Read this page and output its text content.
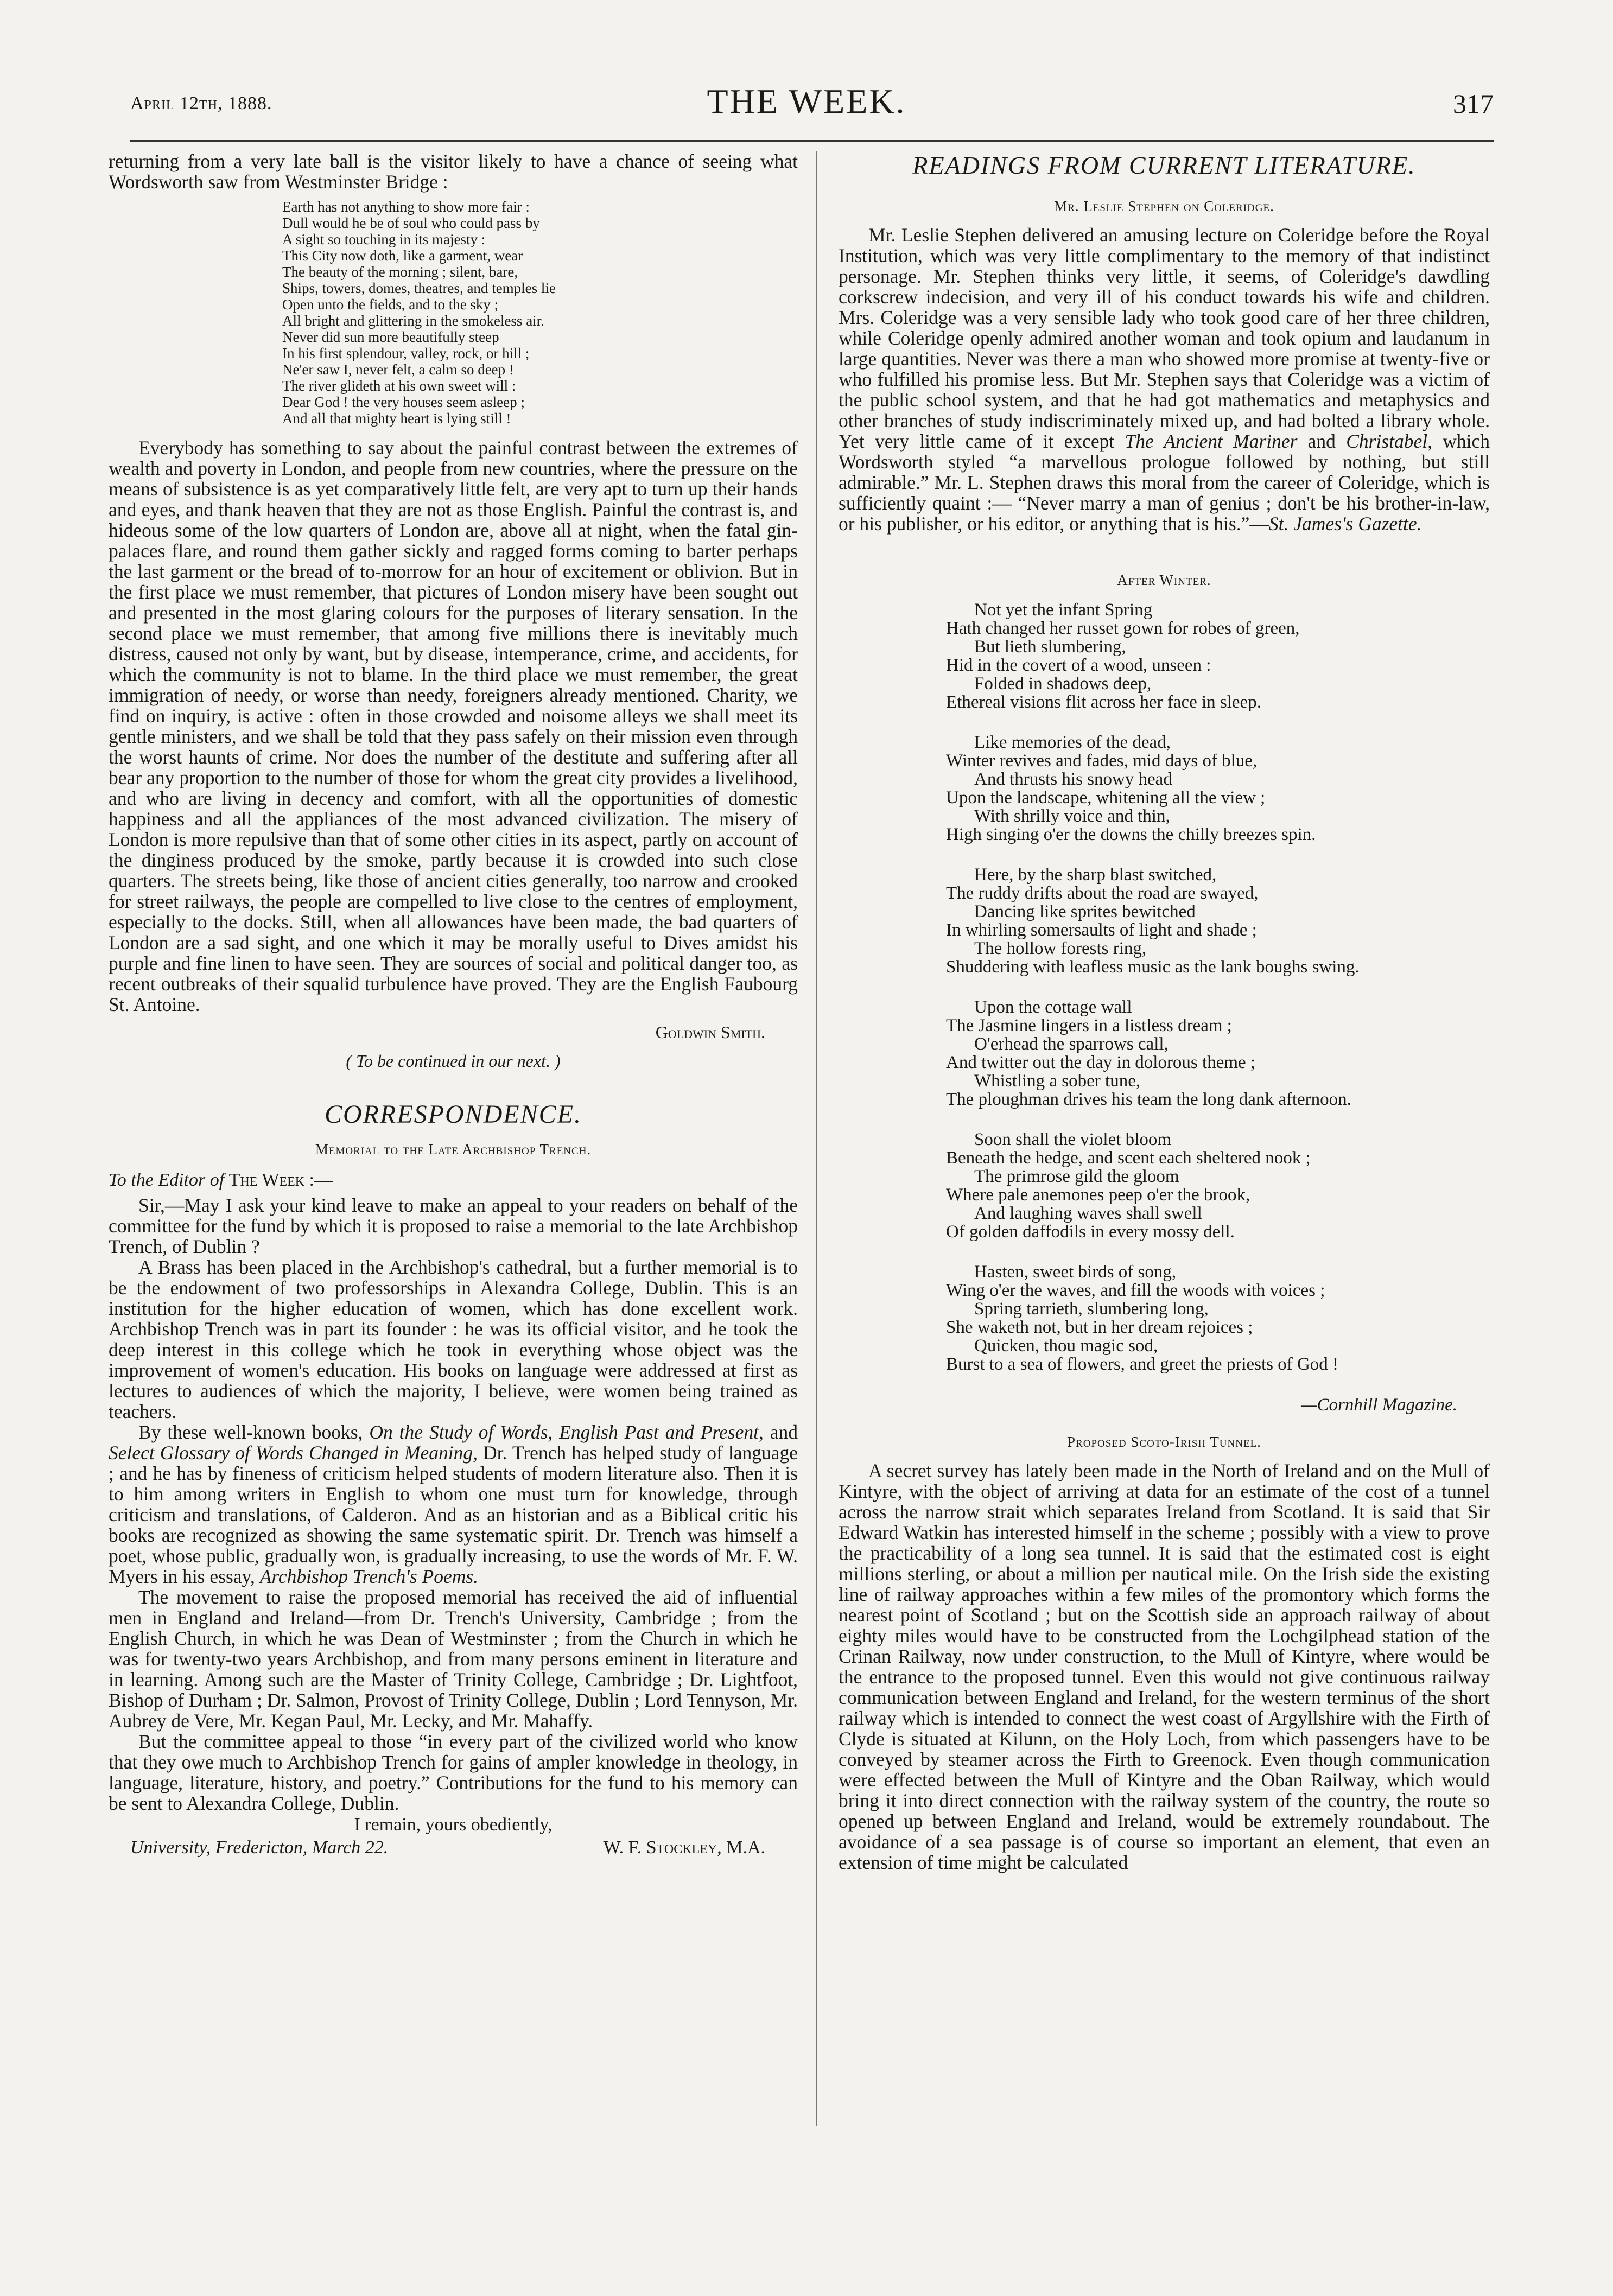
April 12th, 1888.	THE WEEK.	317

returning from a very late ball is the visitor likely to have a chance of seeing what Wordsworth saw from Westminster Bridge :

Earth has not anything to show more fair :
Dull would he be of soul who could pass by
A sight so touching in its majesty :
This City now doth, like a garment, wear
The beauty of the morning ; silent, bare,
Ships, towers, domes, theatres, and temples lie
Open unto the fields, and to the sky ;
All bright and glittering in the smokeless air.
Never did sun more beautifully steep
In his first splendour, valley, rock, or hill ;
Ne'er saw I, never felt, a calm so deep !
The river glideth at his own sweet will :
Dear God ! the very houses seem asleep ;
And all that mighty heart is lying still !

Everybody has something to say about the painful contrast between the extremes of wealth and poverty in London, and people from new countries, where the pressure on the means of subsistence is as yet comparatively little felt, are very apt to turn up their hands and eyes, and thank heaven that they are not as those English. Painful the contrast is, and hideous some of the low quarters of London are, above all at night, when the fatal gin-palaces flare, and round them gather sickly and ragged forms coming to barter perhaps the last garment or the bread of to-morrow for an hour of excitement or oblivion. But in the first place we must remember, that pictures of London misery have been sought out and presented in the most glaring colours for the purposes of literary sensation. In the second place we must remember, that among five millions there is inevitably much distress, caused not only by want, but by disease, intemperance, crime, and accidents, for which the community is not to blame. In the third place we must remember, the great immigration of needy, or worse than needy, foreigners already mentioned. Charity, we find on inquiry, is active : often in those crowded and noisome alleys we shall meet its gentle ministers, and we shall be told that they pass safely on their mission even through the worst haunts of crime. Nor does the number of the destitute and suffering after all bear any proportion to the number of those for whom the great city provides a livelihood, and who are living in decency and comfort, with all the opportunities of domestic happiness and all the appliances of the most advanced civilization. The misery of London is more repulsive than that of some other cities in its aspect, partly on account of the dinginess produced by the smoke, partly because it is crowded into such close quarters. The streets being, like those of ancient cities generally, too narrow and crooked for street railways, the people are compelled to live close to the centres of employment, especially to the docks. Still, when all allowances have been made, the bad quarters of London are a sad sight, and one which it may be morally useful to Dives amidst his purple and fine linen to have seen. They are sources of social and political danger too, as recent outbreaks of their squalid turbulence have proved. They are the English Faubourg St. Antoine.

Goldwin Smith.
( To be continued in our next. )
CORRESPONDENCE.
Memorial to the Late Archbishop Trench.
To the Editor of The Week :—

Sir,—May I ask your kind leave to make an appeal to your readers on behalf of the committee for the fund by which it is proposed to raise a memorial to the late Archbishop Trench, of Dublin ?

A Brass has been placed in the Archbishop's cathedral, but a further memorial is to be the endowment of two professorships in Alexandra College, Dublin. This is an institution for the higher education of women, which has done excellent work. Archbishop Trench was in part its founder : he was its official visitor, and he took the deep interest in this college which he took in everything whose object was the improvement of women's education. His books on language were addressed at first as lectures to audiences of which the majority, I believe, were women being trained as teachers.

By these well-known books, On the Study of Words, English Past and Present, and Select Glossary of Words Changed in Meaning, Dr. Trench has helped study of language ; and he has by fineness of criticism helped students of modern literature also. Then it is to him among writers in English to whom one must turn for knowledge, through criticism and translations, of Calderon. And as an historian and as a Biblical critic his books are recognized as showing the same systematic spirit. Dr. Trench was himself a poet, whose public, gradually won, is gradually increasing, to use the words of Mr. F. W. Myers in his essay, Archbishop Trench's Poems.

The movement to raise the proposed memorial has received the aid of influential men in England and Ireland—from Dr. Trench's University, Cambridge ; from the English Church, in which he was Dean of Westminster ; from the Church in which he was for twenty-two years Archbishop, and from many persons eminent in literature and in learning. Among such are the Master of Trinity College, Cambridge ; Dr. Lightfoot, Bishop of Durham ; Dr. Salmon, Provost of Trinity College, Dublin ; Lord Tennyson, Mr. Aubrey de Vere, Mr. Kegan Paul, Mr. Lecky, and Mr. Mahaffy.

But the committee appeal to those “in every part of the civilized world who know that they owe much to Archbishop Trench for gains of ampler knowledge in theology, in language, literature, history, and poetry.” Contributions for the fund to his memory can be sent to Alexandra College, Dublin.

I remain, yours obediently,
University, Fredericton, March 22.	W. F. Stockley, M.A.
READINGS FROM CURRENT LITERATURE.
Mr. Leslie Stephen on Coleridge.

Mr. Leslie Stephen delivered an amusing lecture on Coleridge before the Royal Institution, which was very little complimentary to the memory of that indistinct personage. Mr. Stephen thinks very little, it seems, of Coleridge's dawdling corkscrew indecision, and very ill of his conduct towards his wife and children. Mrs. Coleridge was a very sensible lady who took good care of her three children, while Coleridge openly admired another woman and took opium and laudanum in large quantities. Never was there a man who showed more promise at twenty-five or who fulfilled his promise less. But Mr. Stephen says that Coleridge was a victim of the public school system, and that he had got mathematics and metaphysics and other branches of study indiscriminately mixed up, and had bolted a library whole. Yet very little came of it except The Ancient Mariner and Christabel, which Wordsworth styled “a marvellous prologue followed by nothing, but still admirable.” Mr. L. Stephen draws this moral from the career of Coleridge, which is sufficiently quaint :— “Never marry a man of genius ; don't be his brother-in-law, or his publisher, or his editor, or anything that is his.”—St. James's Gazette.

After Winter.
Not yet the infant Spring
Hath changed her russet gown for robes of green,
But lieth slumbering,
Hid in the covert of a wood, unseen :
Folded in shadows deep,
Ethereal visions flit across her face in sleep.
Like memories of the dead,
Winter revives and fades, mid days of blue,
And thrusts his snowy head
Upon the landscape, whitening all the view ;
With shrilly voice and thin,
High singing o'er the downs the chilly breezes spin.
Here, by the sharp blast switched,
The ruddy drifts about the road are swayed,
Dancing like sprites bewitched
In whirling somersaults of light and shade ;
The hollow forests ring,
Shuddering with leafless music as the lank boughs swing.
Upon the cottage wall
The Jasmine lingers in a listless dream ;
O'erhead the sparrows call,
And twitter out the day in dolorous theme ;
Whistling a sober tune,
The ploughman drives his team the long dank afternoon.
Soon shall the violet bloom
Beneath the hedge, and scent each sheltered nook ;
The primrose gild the gloom
Where pale anemones peep o'er the brook,
And laughing waves shall swell
Of golden daffodils in every mossy dell.
Hasten, sweet birds of song,
Wing o'er the waves, and fill the woods with voices ;
Spring tarrieth, slumbering long,
She waketh not, but in her dream rejoices ;
Quicken, thou magic sod,
Burst to a sea of flowers, and greet the priests of God !
—Cornhill Magazine.
Proposed Scoto-Irish Tunnel.

A secret survey has lately been made in the North of Ireland and on the Mull of Kintyre, with the object of arriving at data for an estimate of the cost of a tunnel across the narrow strait which separates Ireland from Scotland. It is said that Sir Edward Watkin has interested himself in the scheme ; possibly with a view to prove the practicability of a long sea tunnel. It is said that the estimated cost is eight millions sterling, or about a million per nautical mile. On the Irish side the existing line of railway approaches within a few miles of the promontory which forms the nearest point of Scotland ; but on the Scottish side an approach railway of about eighty miles would have to be constructed from the Lochgilphead station of the Crinan Railway, now under construction, to the Mull of Kintyre, where would be the entrance to the proposed tunnel. Even this would not give continuous railway communication between England and Ireland, for the western terminus of the short railway which is intended to connect the west coast of Argyllshire with the Firth of Clyde is situated at Kilunn, on the Holy Loch, from which passengers have to be conveyed by steamer across the Firth to Greenock. Even though communication were effected between the Mull of Kintyre and the Oban Railway, which would bring it into direct connection with the railway system of the country, the route so opened up between England and Ireland, would be extremely roundabout. The avoidance of a sea passage is of course so important an element, that even an extension of time might be calculated
